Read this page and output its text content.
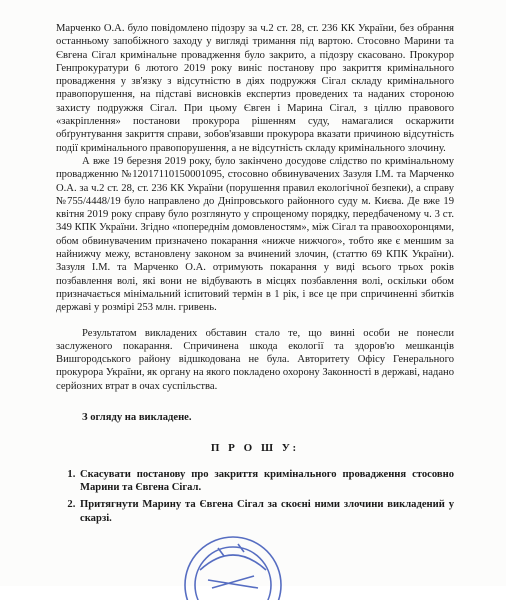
Марченко О.А. було повідомлено підозру за ч.2 ст. 28, ст. 236 КК України, без обрання останньому запобіжного заходу у вигляді тримання під вартою. Стосовно Марини та Євгена Сігал кримінальне провадження було закрито, а підозру скасовано. Прокурор Генпрокуратури 6 лютого 2019 року виніс постанову про закриття кримінального провадження у зв'язку з відсутністю в діях подружжя Сігал складу кримінального правопорушення, на підставі висновків експертиз проведених та наданих стороною захисту подружжя Сігал. При цьому Євген і Марина Сігал, з ціллю правового «закріплення» постанови прокурора рішенням суду, намагалися оскаржити обґрунтування закриття справи, зобов'язавши прокурора вказати причиною відсутність події кримінального правопорушення, а не відсутність складу кримінального злочину.

А вже 19 березня 2019 року, було закінчено досудове слідство по кримінальному провадженню №12017110150001095, стосовно обвинувачених Зазуля І.М. та Марченко О.А. за ч.2 ст. 28, ст. 236 КК України (порушення правил екологічної безпеки), а справу №755/4448/19 було направлено до Дніпровського районного суду м. Києва. Де вже 19 квітня 2019 року справу було розглянуто у спрощеному порядку, передбаченому ч. 3 ст. 349 КПК України. Згідно «попереднім домовленостям», між Сігал та правоохоронцями, обом обвинуваченим призначено покарання «нижче нижчого», тобто яке є меншим за найнижчу межу, встановлену законом за вчинений злочин, (статтю 69 КПК України). Зазуля І.М. та Марченко О.А. отримують покарання у виді всього трьох років позбавлення волі, які вони не відбувають в місцях позбавлення волі, оскільки обом призначається мінімальний іспитовий термін в 1 рік, і все це при спричиненні збитків державі у розмірі 253 млн. гривень.

Результатом викладених обставин стало те, що винні особи не понесли заслуженого покарання. Спричинена шкода екології та здоров'ю мешканців Вишгородського району відшкодована не була. Авторитету Офісу Генерального прокурора України, як органу на якого покладено охорону Законності в державі, надано серйозних втрат в очах суспільства.

З огляду на викладене.

П Р О Ш У:

1. Скасувати постанову про закриття кримінального провадження стосовно Марини та Євгена Сігал.
2. Притягнути Марину та Євгена Сігал за скоєні ними злочини викладений у скарзі.
